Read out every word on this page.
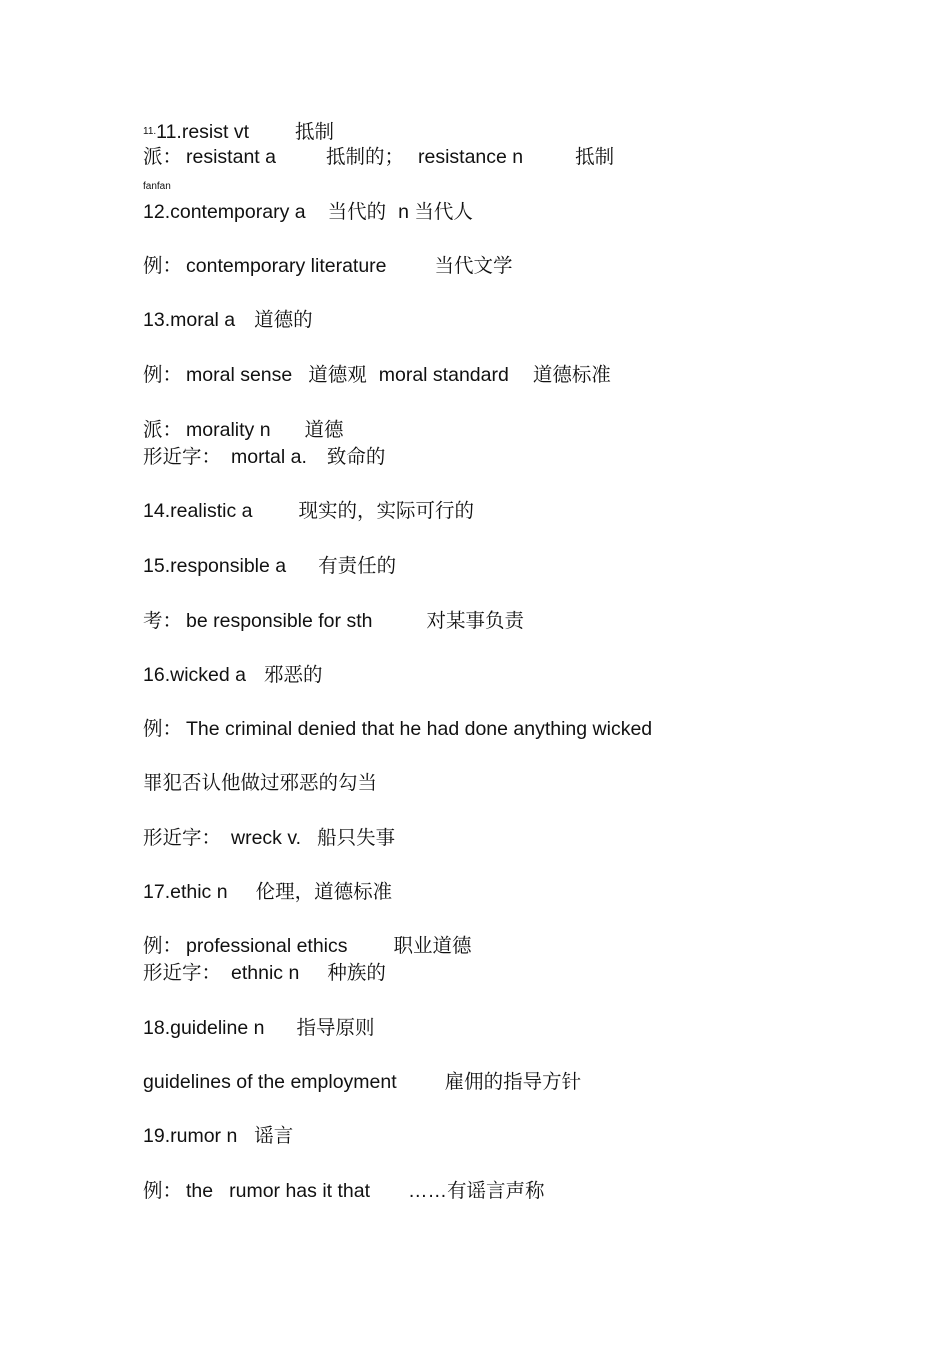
$^{11.}$11.resist vt 抵制
派： resistant a	抵制的； resistance n	抵制
fanfan
12.contemporary a 当代的 n 当代人
例： contemporary literature 当代文学
13.moral a 道德的
例： moral sense 道德观 moral standard 道德标准
派： morality n 道德
形近字： mortal a. 致命的
14.realistic a 现实的，实际可行的
15.responsible a 有责任的
考： be responsible for sth	对某事负责
16.wicked a 邪恶的
例： The criminal denied that he had done anything wicked
罪犯否认他做过邪恶的勾当
形近字： wreck v. 船只失事
17.ethic n 伦理，道德标准
例： professional ethics 职业道德
形近字： ethnic n 种族的
18.guideline n 指导原则
guidelines of the employment 雇佣的指导方针
19.rumor n 谣言
例： the rumor has it that ……有谣言声称
